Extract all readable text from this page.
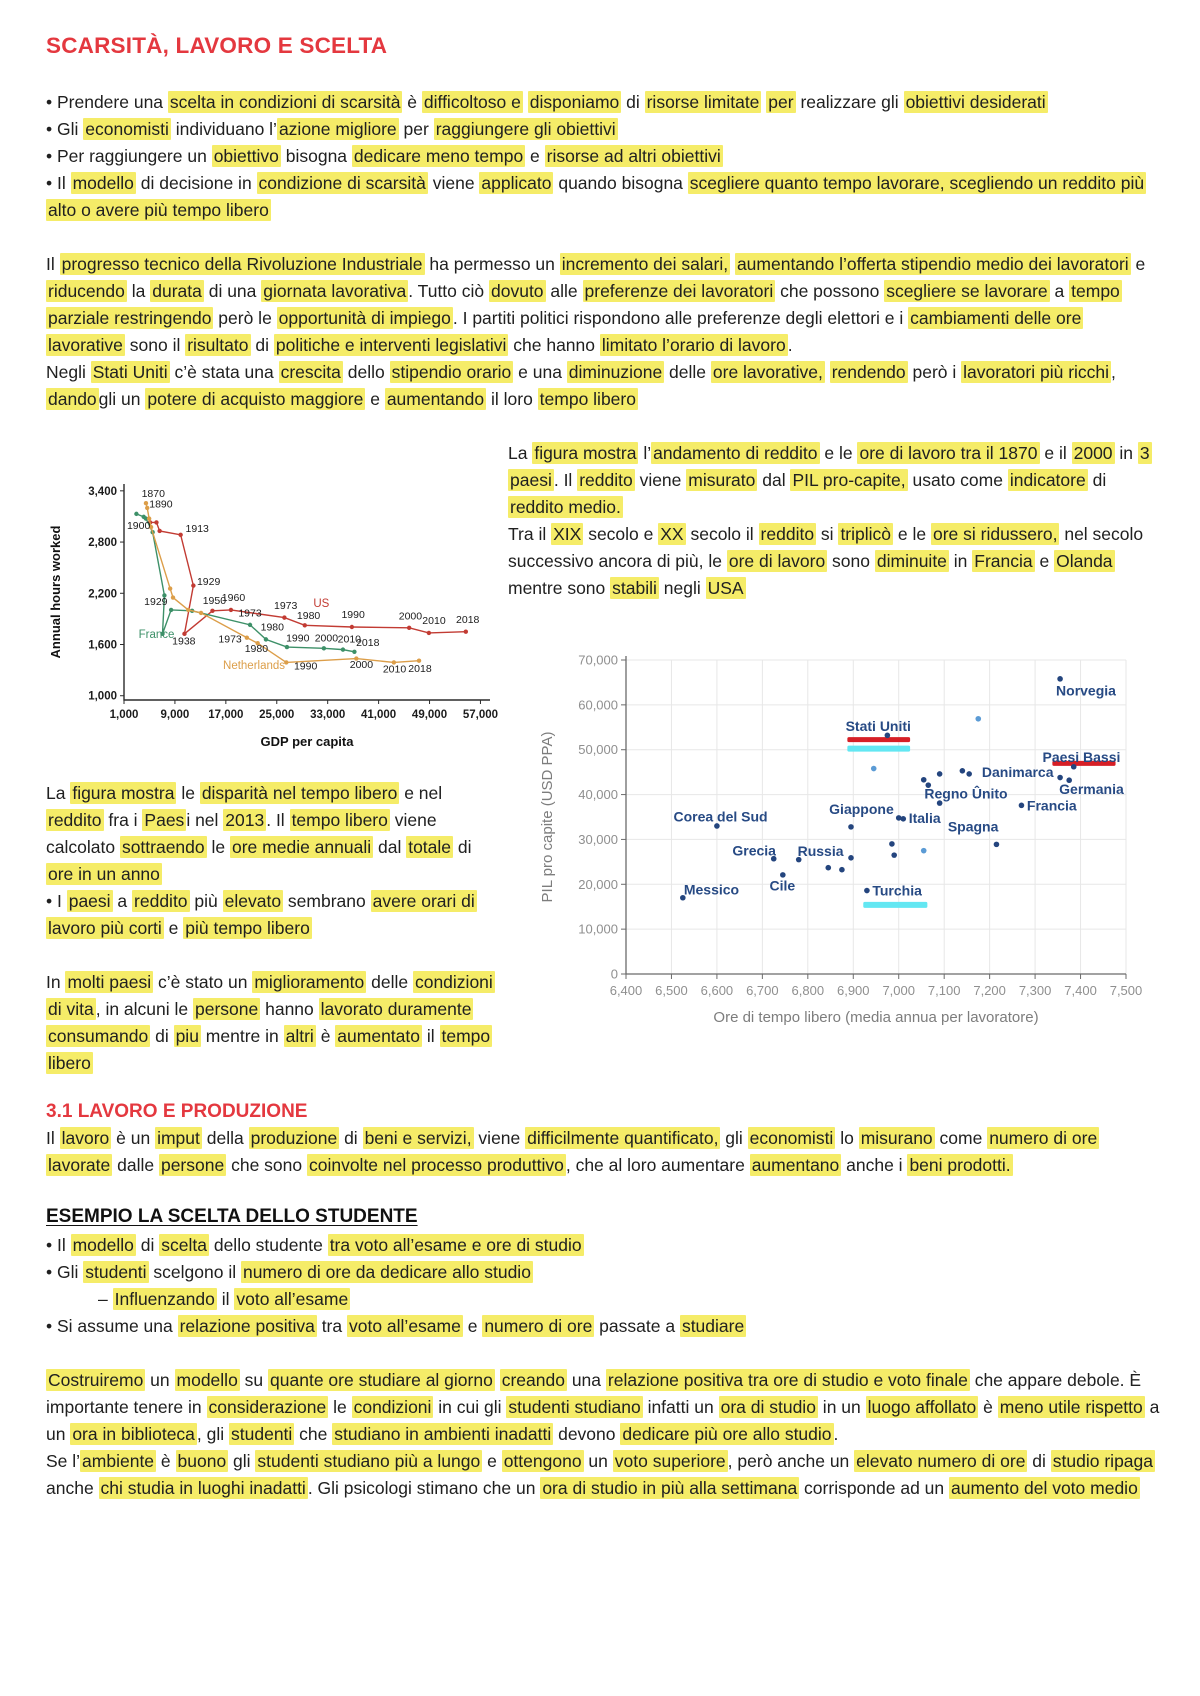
SCARSITÀ, LAVORO E SCELTA

• Prendere una scelta in condizioni di scarsità è difficoltoso e disponiamo di risorse limitate per realizzare gli obiettivi desiderati

• Gli economisti individuano l’ azione migliore per raggiungere gli obiettivi

• Per raggiungere un obiettivo bisogna dedicare meno tempo e risorse ad altri obiettivi

• Il modello di decisione in condizione di scarsità viene applicato quando bisogna scegliere quanto tempo lavorare, scegliendo un reddito più alto o avere più tempo libero

Il progresso tecnico della Rivoluzione Industriale ha permesso un incremento dei salari, aumentando l’offerta stipendio medio dei lavoratori e riducendo la durata di una giornata lavorativa . Tutto ciò dovuto alle preferenze dei lavoratori che possono scegliere se lavorare a tempo parziale restringendo però le opportunità di impiego . I partiti politici rispondono alle preferenze degli elettori e i cambiamenti delle ore lavorative sono il risultato di politiche e interventi legislativi che hanno limitato l’orario di lavoro .

Negli Stati Uniti c’è stata una crescita dello stipendio orario e una diminuzione delle ore lavorative, rendendo però i lavoratori più ricchi , dando gli un potere di acquisto maggiore e aumentando il loro tempo libero

1,000
1,600
2,200
2,800
3,400
1,000 9,000 17,000 25,000 33,000 41,000 49,000 57,000
GDP per capita
Annual hours worked
1870
1890
1900	1913
1929
1929
1938
1950
1960
1973
1980 1990	2000 2010 2018
1973
1980
1973
1980
1990 2000 2010
2018
1990	2000 2010 2018
US
France
Netherlands

La figura mostra le disparità nel tempo libero e nel reddito fra i Paes i nel 2013 . Il tempo libero viene calcolato sottraendo le ore medie annuali dal totale di ore in un anno

• I paesi a reddito più elevato sembrano avere orari di lavoro più corti e più tempo libero

In molti paesi c’è stato un miglioramento delle condizioni di vita , in alcuni le persone hanno lavorato duramente consumando di piu mentre in altri è aumentato il tempo libero

La figura mostra l’ andamento di reddito e le ore di lavoro tra il 1870 e il 2000 in 3 paesi . Il reddito viene misurato dal PIL pro-capite, usato come indicatore di reddito medio.

Tra il XIX secolo e XX secolo il reddito si triplicò e le ore si ridussero, nel secolo successivo ancora di più, le ore di lavoro sono diminuite in Francia e Olanda mentre sono stabili negli USA

0
10,000
20,000
30,000
40,000
50,000
60,000
70,000
6,400 6,500 6,600 6,700 6,800 6,900 7,000 7,100 7,200 7,300 7,400 7,500
Ore di tempo libero (media annua per lavoratore)
PIL pro capite (USD PPA)
Norvegia
Stati Uniti
Paesi Bassi
Danimarca
Germania
Regno Ûnito
Francia
Giappone
Italia
Spagna
Corea del Sud
Grecia Russia
Cile
Messico	Turchia
3.1 LAVORO E PRODUZIONE

Il lavoro è un imput della produzione di beni e servizi, viene difficilmente quantificato, gli economisti lo misurano come numero di ore lavorate dalle persone che sono coinvolte nel processo produttivo , che al loro aumentare aumentano anche i beni prodotti.

ESEMPIO LA SCELTA DELLO STUDENTE

• Il modello di scelta dello studente tra voto all’esame e ore di studio

• Gli studenti scelgono il numero di ore da dedicare allo studio

– Influenzando il voto all’esame

• Si assume una relazione positiva tra voto all’esame e numero di ore passate a studiare

Costruiremo un modello su quante ore studiare al giorno creando una relazione positiva tra ore di studio e voto finale che appare debole. È importante tenere in considerazione le condizioni in cui gli studenti studiano infatti un ora di studio in un luogo affollato è meno utile rispetto a un ora in biblioteca , gli studenti che studiano in ambienti inadatti devono dedicare più ore allo studio .

Se l’ ambiente è buono gli studenti studiano più a lungo e ottengono un voto superiore , però anche un elevato numero di ore di studio ripaga anche chi studia in luoghi inadatti . Gli psicologi stimano che un ora di studio in più alla settimana corrisponde ad un aumento del voto medio
